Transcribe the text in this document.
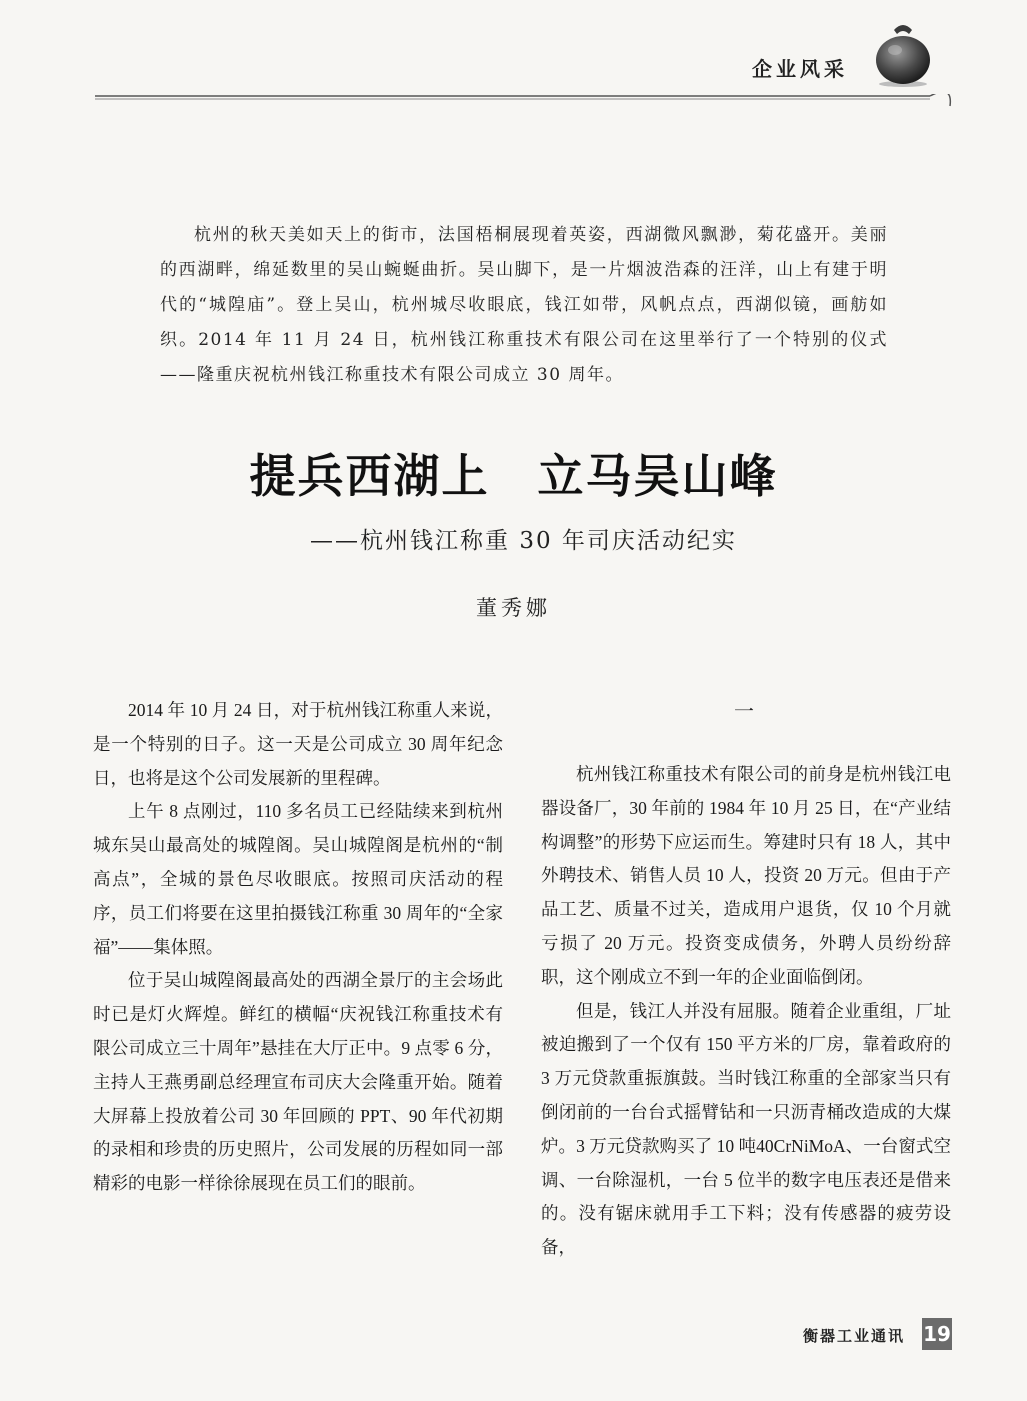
企业风采

杭州的秋天美如天上的街市，法国梧桐展现着英姿，西湖微风飘渺，菊花盛开。美丽的西湖畔，绵延数里的吴山蜿蜒曲折。吴山脚下，是一片烟波浩森的汪洋，山上有建于明代的“城隍庙”。登上吴山，杭州城尽收眼底，钱江如带，风帆点点，西湖似镜，画舫如织。2014 年 11 月 24 日，杭州钱江称重技术有限公司在这里举行了一个特别的仪式——隆重庆祝杭州钱江称重技术有限公司成立 30 周年。

提兵西湖上　立马吴山峰
——杭州钱江称重 30 年司庆活动纪实
董秀娜

2014 年 10 月 24 日，对于杭州钱江称重人来说，是一个特别的日子。这一天是公司成立 30 周年纪念日，也将是这个公司发展新的里程碑。

上午 8 点刚过，110 多名员工已经陆续来到杭州城东吴山最高处的城隍阁。吴山城隍阁是杭州的“制高点”，全城的景色尽收眼底。按照司庆活动的程序，员工们将要在这里拍摄钱江称重 30 周年的“全家福”——集体照。

位于吴山城隍阁最高处的西湖全景厅的主会场此时已是灯火辉煌。鲜红的横幅“庆祝钱江称重技术有限公司成立三十周年”悬挂在大厅正中。9 点零 6 分，主持人王燕勇副总经理宣布司庆大会隆重开始。随着大屏幕上投放着公司 30 年回顾的 PPT、90 年代初期的录相和珍贵的历史照片，公司发展的历程如同一部精彩的电影一样徐徐展现在员工们的眼前。

一

杭州钱江称重技术有限公司的前身是杭州钱江电器设备厂，30 年前的 1984 年 10 月 25 日，在“产业结构调整”的形势下应运而生。筹建时只有 18 人，其中外聘技术、销售人员 10 人，投资 20 万元。但由于产品工艺、质量不过关，造成用户退货，仅 10 个月就亏损了 20 万元。投资变成债务，外聘人员纷纷辞职，这个刚成立不到一年的企业面临倒闭。

但是，钱江人并没有屈服。随着企业重组，厂址被迫搬到了一个仅有 150 平方米的厂房，靠着政府的 3 万元贷款重振旗鼓。当时钱江称重的全部家当只有倒闭前的一台台式摇臂钻和一只沥青桶改造成的大煤炉。3 万元贷款购买了 10 吨40CrNiMoA、一台窗式空调、一台除湿机，一台 5 位半的数字电压表还是借来的。没有锯床就用手工下料；没有传感器的疲劳设备，

衡器工业通讯 19
